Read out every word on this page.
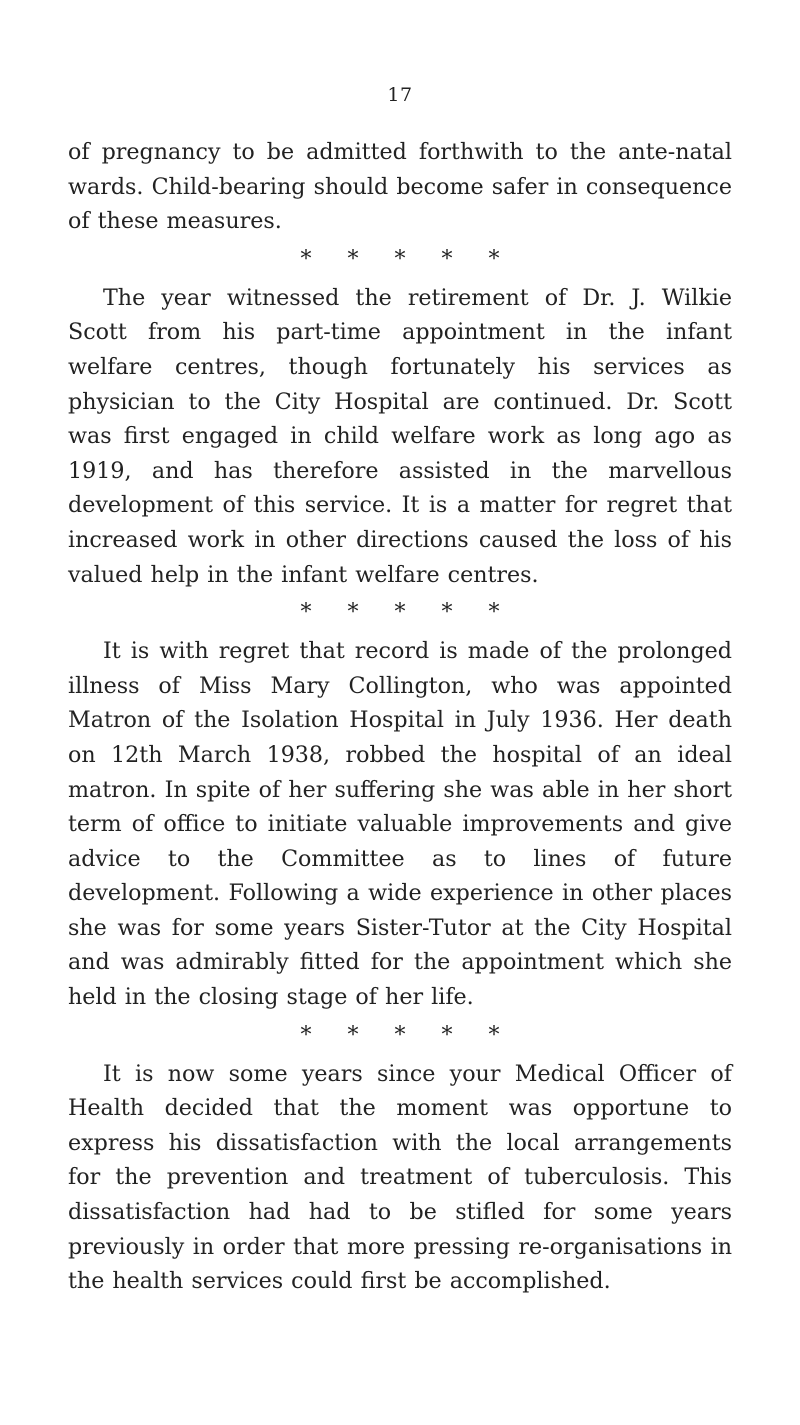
17

of pregnancy to be admitted forthwith to the ante-natal wards. Child-bearing should become safer in consequence of these measures.

* * * * *

The year witnessed the retirement of Dr. J. Wilkie Scott from his part-time appointment in the infant welfare centres, though fortunately his services as physician to the City Hospital are continued. Dr. Scott was first engaged in child welfare work as long ago as 1919, and has therefore assisted in the marvellous development of this service. It is a matter for regret that increased work in other directions caused the loss of his valued help in the infant welfare centres.

* * * * *

It is with regret that record is made of the prolonged illness of Miss Mary Collington, who was appointed Matron of the Isolation Hospital in July 1936. Her death on 12th March 1938, robbed the hospital of an ideal matron. In spite of her suffering she was able in her short term of office to initiate valuable improvements and give advice to the Committee as to lines of future development. Following a wide experience in other places she was for some years Sister-Tutor at the City Hospital and was admirably fitted for the appointment which she held in the closing stage of her life.

* * * * *

It is now some years since your Medical Officer of Health decided that the moment was opportune to express his dissatisfaction with the local arrangements for the prevention and treatment of tuberculosis. This dissatisfaction had had to be stifled for some years previously in order that more pressing re-organisations in the health services could first be accomplished.
